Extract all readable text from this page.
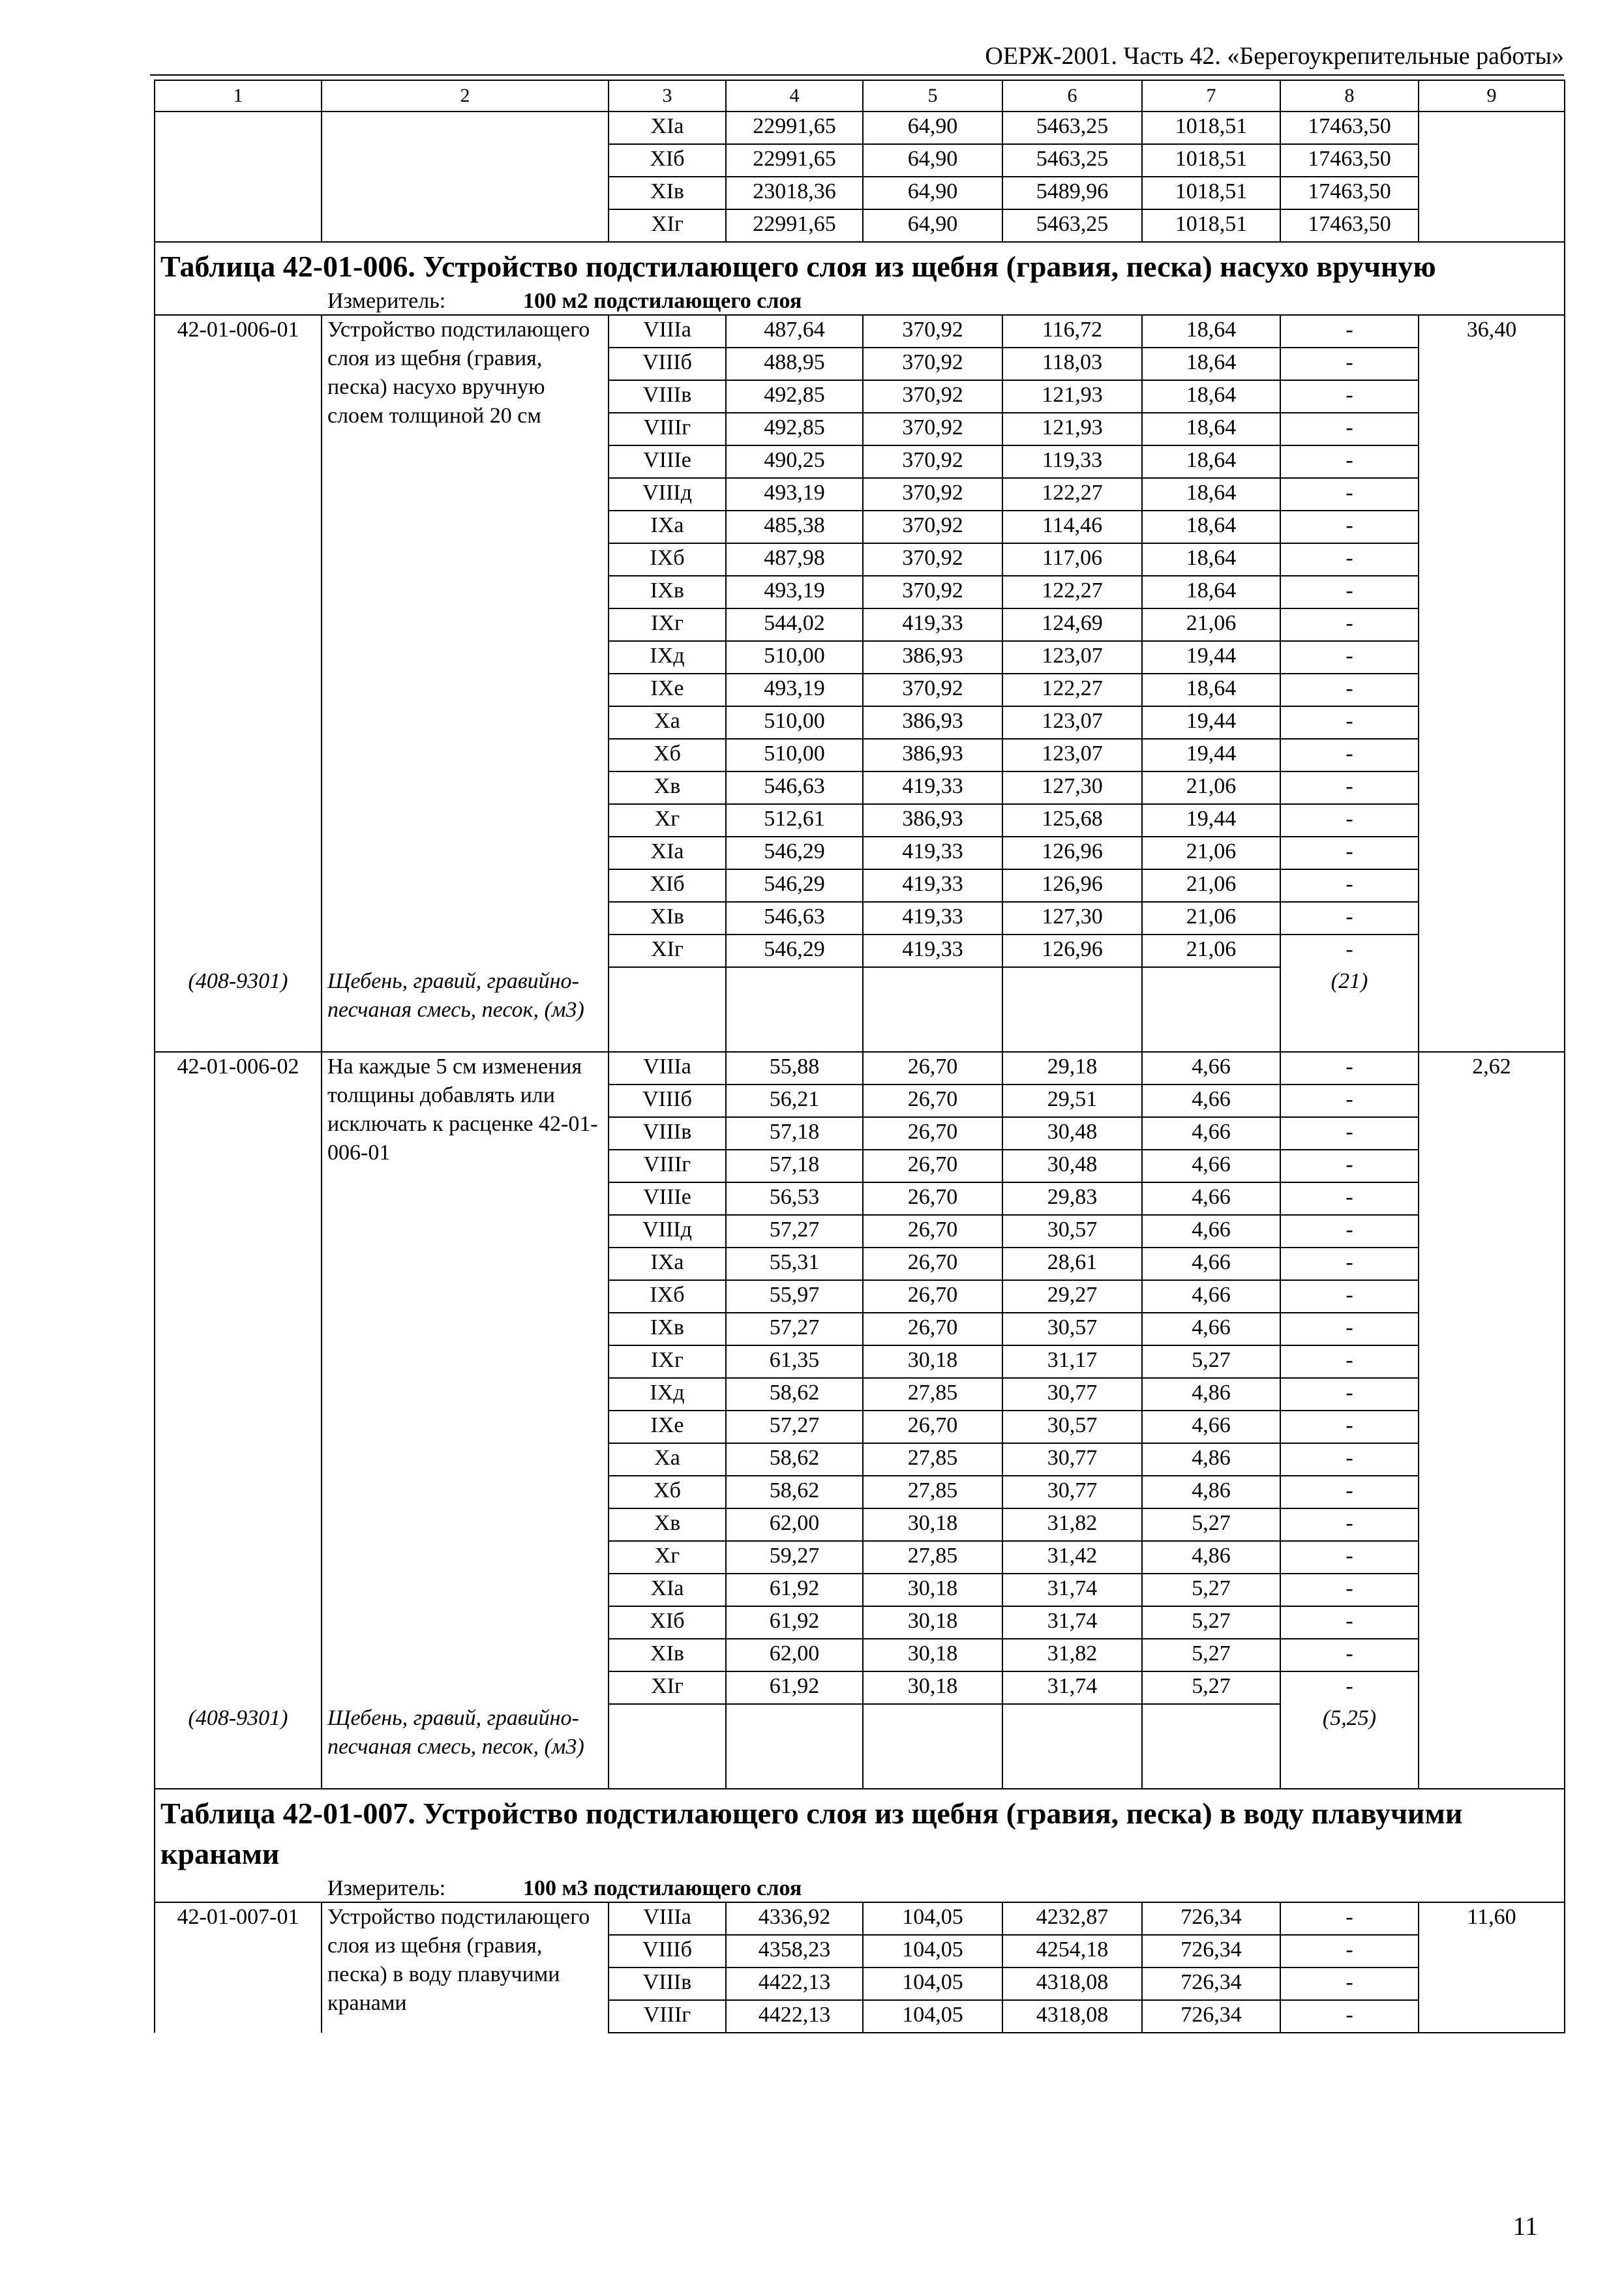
ОЕРЖ-2001. Часть 42. «Берегоукрепительные работы»
1	2	3	4	5	6	7	8	9
		XIa	22991,65	64,90	5463,25	1018,51	17463,50	
		XIб	22991,65	64,90	5463,25	1018,51	17463,50	
		XIв	23018,36	64,90	5489,96	1018,51	17463,50	
		XIг	22991,65	64,90	5463,25	1018,51	17463,50	

Таблица 42-01-006. Устройство подстилающего слоя из щебня (гравия, песка) насухо вручную
Измеритель: 100 м2 подстилающего слоя								

42-01-006-01	Устройство подстилающего слоя из щебня (гравия, песка) насухо вручную слоем толщиной 20 см	VIIIa	487,64	370,92	116,72	18,64	-	36,40
		VIIIб	488,95	370,92	118,03	18,64	-	
		VIIIв	492,85	370,92	121,93	18,64	-	
		VIIIг	492,85	370,92	121,93	18,64	-	
		VIIIе	490,25	370,92	119,33	18,64	-	
		VIIIд	493,19	370,92	122,27	18,64	-	
		IXa	485,38	370,92	114,46	18,64	-	
		IXб	487,98	370,92	117,06	18,64	-	
		IXв	493,19	370,92	122,27	18,64	-	
		IXг	544,02	419,33	124,69	21,06	-	
		IXд	510,00	386,93	123,07	19,44	-	
		IXе	493,19	370,92	122,27	18,64	-	
		Xa	510,00	386,93	123,07	19,44	-	
		Xб	510,00	386,93	123,07	19,44	-	
		Xв	546,63	419,33	127,30	21,06	-	
		Xг	512,61	386,93	125,68	19,44	-	
		XIa	546,29	419,33	126,96	21,06	-	
		XIб	546,29	419,33	126,96	21,06	-	
		XIв	546,63	419,33	127,30	21,06	-	
		XIг	546,29	419,33	126,96	21,06	-	
(408-9301)	Щебень, гравий, гравийно-песчаная смесь, песок, (м3)						(21)	
42-01-006-02	На каждые 5 см изменения толщины добавлять или исключать к расценке 42-01-006-01	VIIIa	55,88	26,70	29,18	4,66	-	2,62
		VIIIб	56,21	26,70	29,51	4,66	-	
		VIIIв	57,18	26,70	30,48	4,66	-	
		VIIIг	57,18	26,70	30,48	4,66	-	
		VIIIе	56,53	26,70	29,83	4,66	-	
		VIIIд	57,27	26,70	30,57	4,66	-	
		IXa	55,31	26,70	28,61	4,66	-	
		IXб	55,97	26,70	29,27	4,66	-	
		IXв	57,27	26,70	30,57	4,66	-	
		IXг	61,35	30,18	31,17	5,27	-	
		IXд	58,62	27,85	30,77	4,86	-	
		IXе	57,27	26,70	30,57	4,66	-	
		Xa	58,62	27,85	30,77	4,86	-	
		Xб	58,62	27,85	30,77	4,86	-	
		Xв	62,00	30,18	31,82	5,27	-	
		Xг	59,27	27,85	31,42	4,86	-	
		XIa	61,92	30,18	31,74	5,27	-	
		XIб	61,92	30,18	31,74	5,27	-	
		XIв	62,00	30,18	31,82	5,27	-	
		XIг	61,92	30,18	31,74	5,27	-	
(408-9301)	Щебень, гравий, гравийно-песчаная смесь, песок, (м3)						(5,25)	

Таблица 42-01-007. Устройство подстилающего слоя из щебня (гравия, песка) в воду плавучими кранами
Измеритель: 100 м3 подстилающего слоя								

42-01-007-01	Устройство подстилающего слоя из щебня (гравия, песка) в воду плавучими кранами	VIIIa	4336,92	104,05	4232,87	726,34	-	11,60
		VIIIб	4358,23	104,05	4254,18	726,34	-	
		VIIIв	4422,13	104,05	4318,08	726,34	-	
		VIIIг	4422,13	104,05	4318,08	726,34	-	
11
